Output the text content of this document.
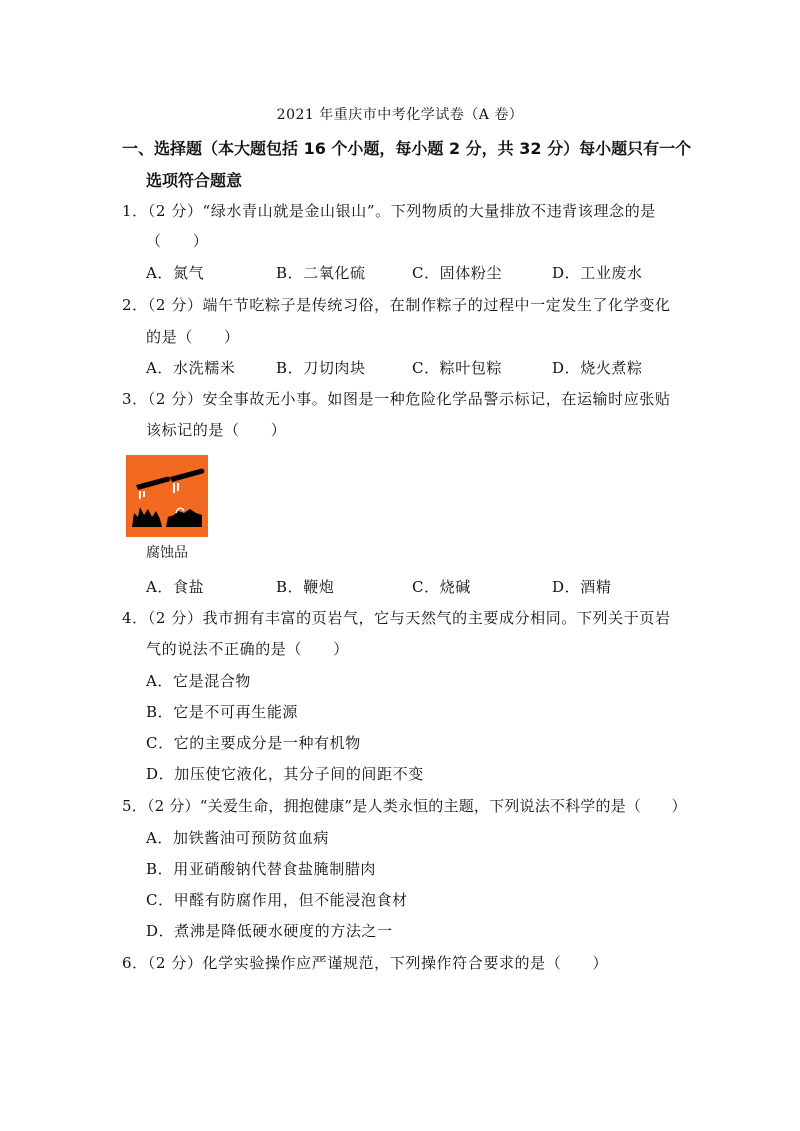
2021 年重庆市中考化学试卷（A 卷）
一、选择题（本大题包括 16 个小题，每小题 2 分，共 32 分）每小题只有一个
选项符合题意
1．（2 分）“绿水青山就是金山银山”。下列物质的大量排放不违背该理念的是
（　　）
A．氮气	B．二氧化硫	C．固体粉尘	D．工业废水
2．（2 分）端午节吃粽子是传统习俗，在制作粽子的过程中一定发生了化学变化
的是（　　）
A．水洗糯米	B．刀切肉块	C．粽叶包粽	D．烧火煮粽
3．（2 分）安全事故无小事。如图是一种危险化学品警示标记，在运输时应张贴
该标记的是（　　）
腐蚀品
A．食盐	B．鞭炮	C．烧碱	D．酒精
4．（2 分）我市拥有丰富的页岩气，它与天然气的主要成分相同。下列关于页岩
气的说法不正确的是（　　）
A．它是混合物
B．它是不可再生能源
C．它的主要成分是一种有机物
D．加压使它液化，其分子间的间距不变
5．（2 分）“关爱生命，拥抱健康”是人类永恒的主题，下列说法不科学的是（　　）
A．加铁酱油可预防贫血病
B．用亚硝酸钠代替食盐腌制腊肉
C．甲醛有防腐作用，但不能浸泡食材
D．煮沸是降低硬水硬度的方法之一
6．（2 分）化学实验操作应严谨规范，下列操作符合要求的是（　　）
